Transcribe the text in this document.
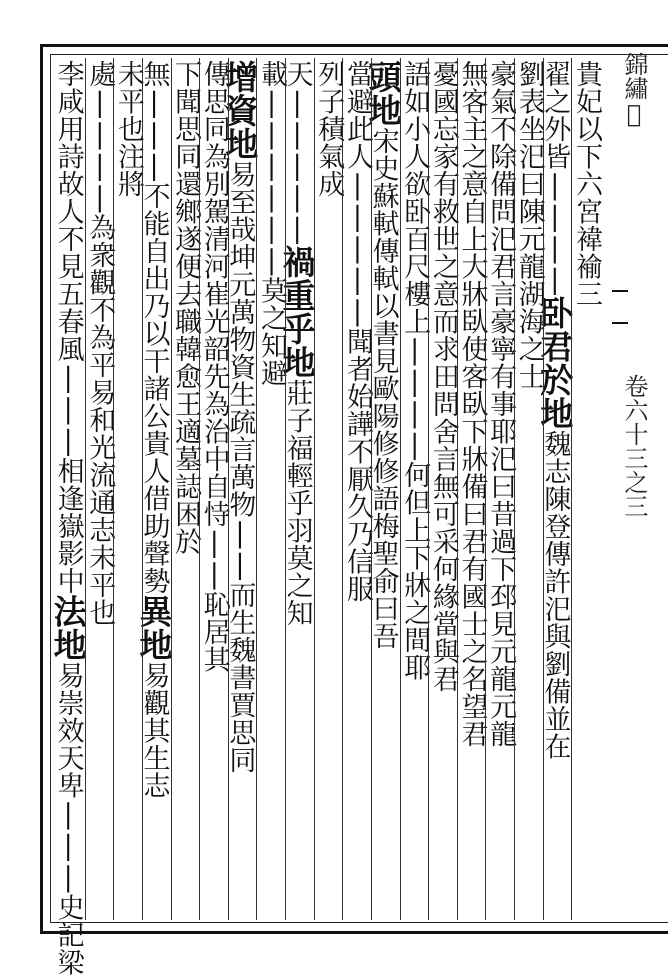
錦繡𥪡  卷六十三之三
貴妃以下六宮褘褕三
翟之外皆||||卧君於地魏志陳登傳許汜與劉備並在
劉表坐汜曰陳元龍湖海之士
豪氣不除備問汜君言豪寧有事耶汜曰昔過下邳見元龍元龍
無客主之意自上大牀臥使客臥下牀備曰君有國士之名望君
憂國忘家有救世之意而求田問舍言無可采何緣當與君
語如小人欲卧百尺樓上||||何但上下牀之間耶
頭地宋史蘇軾傳軾以書見歐陽修修語梅聖俞曰吾
當避此人|||||聞者始譁不厭久乃信服
列子積氣成
天|||||禍重乎地莊子福輕乎羽莫之知
載||||||莫之知避
增資地易至哉坤元萬物資生疏言萬物||而生魏書賈思同
傳思同為別駕清河崔光韶先為治中自恃||恥居其
下聞思同還鄉遂便去職韓愈王適墓誌困於
無|||不能自出乃以干諸公貴人借助聲勢異地易觀其生志
未平也注將
處||||為衆觀不為平易和光流通志未平也
李咸用詩故人不見五春風|||相逢嶽影中法地易崇效天卑|||史記梁
